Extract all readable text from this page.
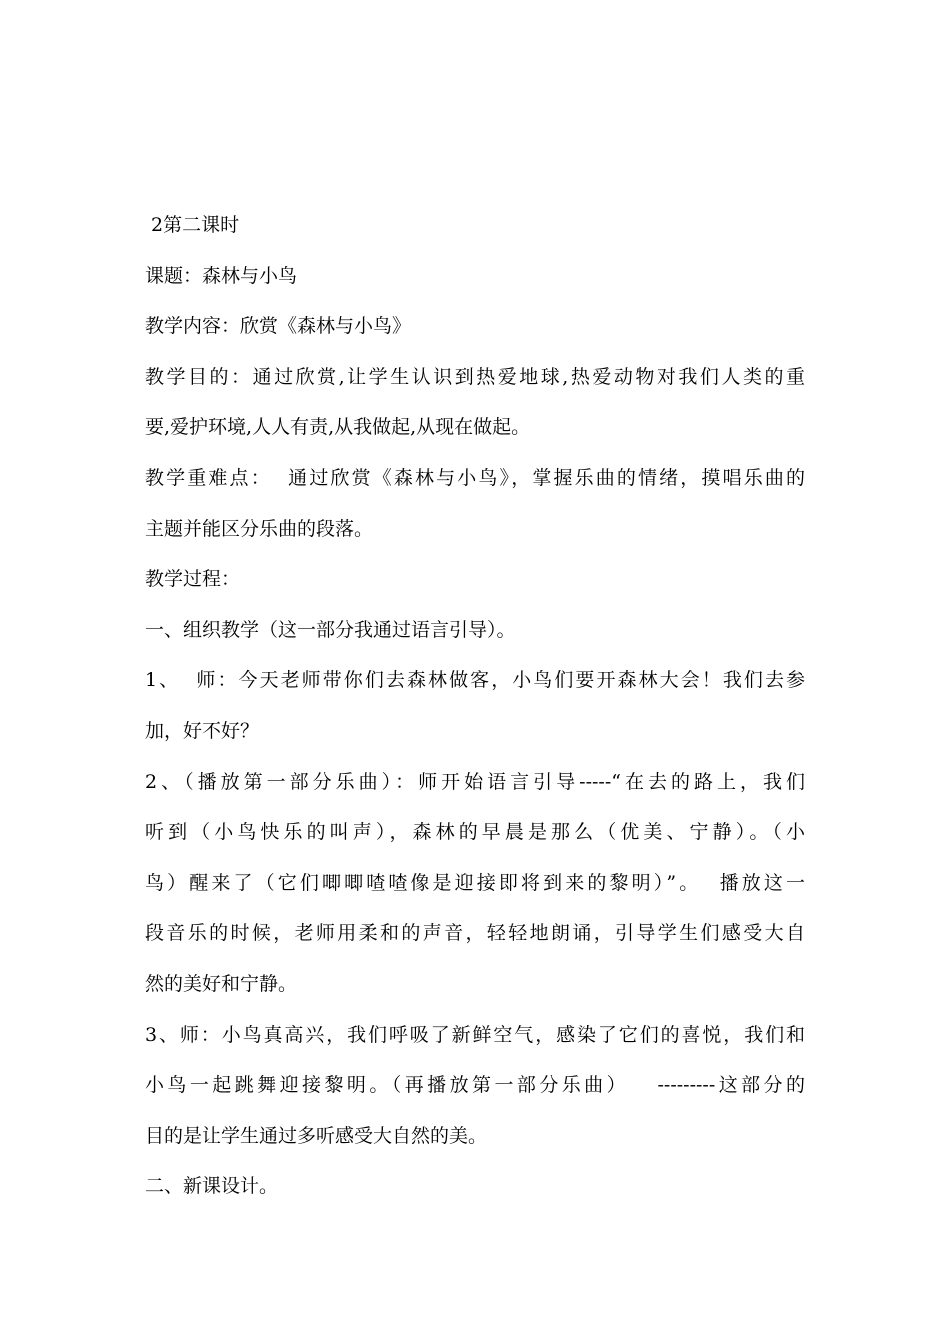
2第二课时
课题：森林与小鸟
教学内容：欣赏《森林与小鸟》
教学目的：通过欣赏,让学生认识到热爱地球,热爱动物对我们人类的重
要,爱护环境,人人有责,从我做起,从现在做起。
教学重难点：  通过欣赏《森林与小鸟》，掌握乐曲的情绪，摸唱乐曲的
主题并能区分乐曲的段落。
教学过程：
一、组织教学（这一部分我通过语言引导）。
1、  师：今天老师带你们去森林做客，小鸟们要开森林大会！我们去参
加，好不好？
2、（播放第一部分乐曲）：师开始语言引导-----“在去的路上，我们
听到（小鸟快乐的叫声），森林的早晨是那么（优美、宁静）。（小
鸟）醒来了（它们唧唧喳喳像是迎接即将到来的黎明）”。  播放这一
段音乐的时候，老师用柔和的声音，轻轻地朗诵，引导学生们感受大自
然的美好和宁静。
3、师：小鸟真高兴，我们呼吸了新鲜空气，感染了它们的喜悦，我们和
小鸟一起跳舞迎接黎明。（再播放第一部分乐曲）   ---------这部分的
目的是让学生通过多听感受大自然的美。
二、新课设计。
